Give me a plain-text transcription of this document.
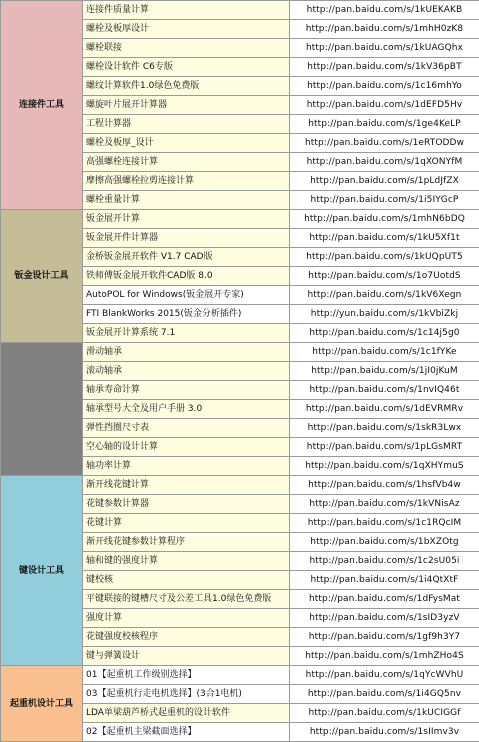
连接件工具	连接件质量计算	http://pan.baidu.com/s/1kUEKAKB
	螺栓及板厚设计	http://pan.baidu.com/s/1mhH0zK8
	螺栓联接	http://pan.baidu.com/s/1kUAGQhx
	螺栓设计软件 C6专版	http://pan.baidu.com/s/1kV36pBT
	螺纹计算软件1.0绿色免费版	http://pan.baidu.com/s/1c16mhYo
	螺旋叶片展开计算器	http://pan.baidu.com/s/1dEFD5Hv
	工程计算器	http://pan.baidu.com/s/1ge4KeLP
	螺栓及板厚_设计	http://pan.baidu.com/s/1eRTODDw
	高强螺栓连接计算	http://pan.baidu.com/s/1qXONYfM
	摩擦高强螺栓拉剪连接计算	http://pan.baidu.com/s/1pLdJfZX
	螺栓重量计算	http://pan.baidu.com/s/1i5IYGcP
钣金设计工具	钣金展开计算	http://pan.baidu.com/s/1mhN6bDQ
	钣金展开件计算器	http://pan.baidu.com/s/1kU5Xf1t
	金桥钣金展开软件 V1.7 CAD版	http://pan.baidu.com/s/1kUQpUT5
	铁师傅钣金展开软件CAD版 8.0	http://pan.baidu.com/s/1o7UotdS
	AutoPOL for Windows(钣金展开专家)	http://pan.baidu.com/s/1kV6Xegn
	FTI BlankWorks 2015(钣金分析插件)	http://yun.baidu.com/s/1kVbiZkj
	钣金展开计算系统 7.1	http://pan.baidu.com/s/1c14j5g0
	滑动轴承	http://pan.baidu.com/s/1c1fYKe
	滚动轴承	http://pan.baidu.com/s/1jI0jKuM
	轴承寿命计算	http://pan.baidu.com/s/1nvIQ46t
	轴承型号大全及用户手册 3.0	http://pan.baidu.com/s/1dEVRMRv
	弹性挡圈尺寸表	http://pan.baidu.com/s/1skR3Lwx
	空心轴的设计计算	http://pan.baidu.com/s/1pLGsMRT
	轴功率计算	http://pan.baidu.com/s/1qXHYmuS
键设计工具	渐开线花键计算	http://pan.baidu.com/s/1hsfVb4w
	花键参数计算器	http://pan.baidu.com/s/1kVNisAz
	花键计算	http://pan.baidu.com/s/1c1RQcIM
	渐开线花键参数计算程序	http://pan.baidu.com/s/1bXZOtg
	轴和键的强度计算	http://pan.baidu.com/s/1c2sU05i
	键校核	http://pan.baidu.com/s/1i4QtXtF
	平键联接的键槽尺寸及公差工具1.0绿色免费版	http://pan.baidu.com/s/1dFysMat
	强度计算	http://pan.baidu.com/s/1sID3yzV
	花键强度校核程序	http://pan.baidu.com/s/1gf9h3Y7
	键与弹簧设计	http://pan.baidu.com/s/1mhZHo4S
起重机设计工具	01【起重机工作级别选择】	http://pan.baidu.com/s/1qYcWVhU
	03【起重机行走电机选择】(3合1电机)	http://pan.baidu.com/s/1i4GQ5nv
	LDA单梁葫芦桥式起重机的设计软件	http://pan.baidu.com/s/1kUCIGGf
	02【起重机主梁截面选择】	http://pan.baidu.com/s/1sIImv3v
